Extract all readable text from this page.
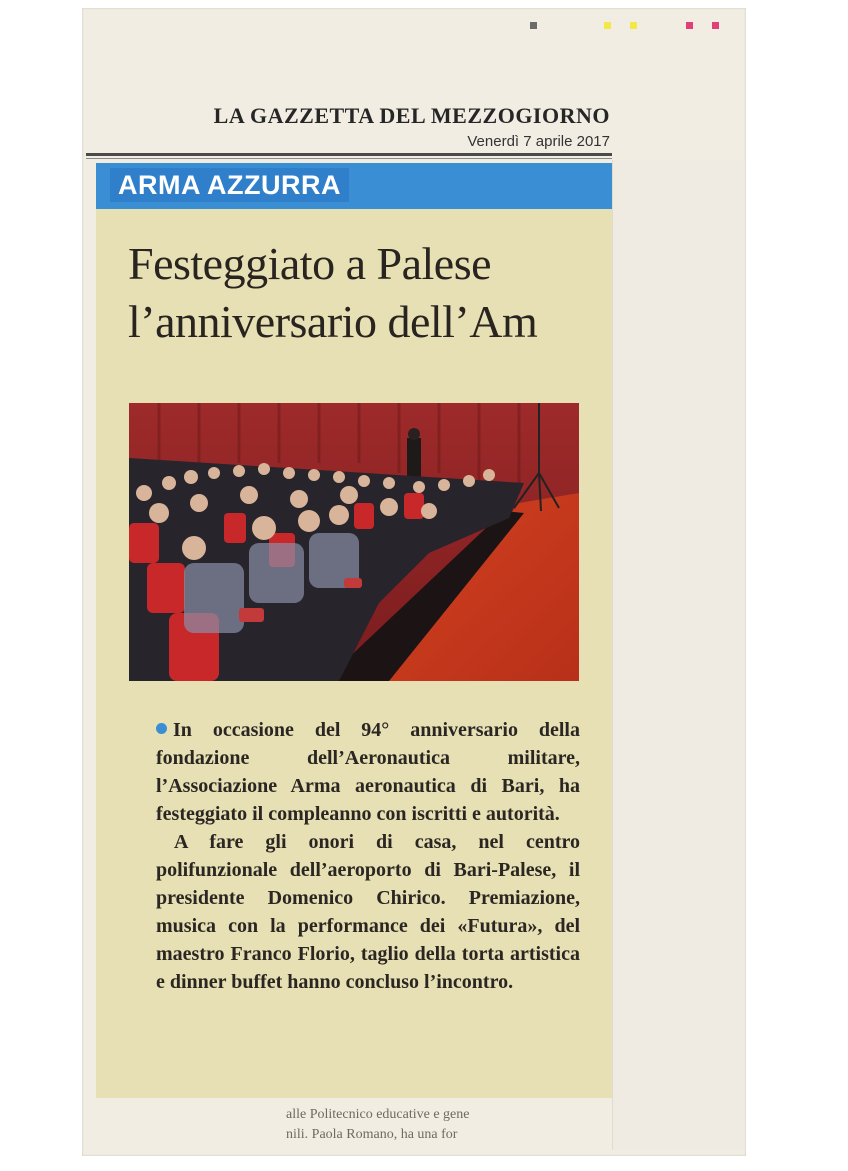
LA GAZZETTA DEL MEZZOGIORNO
Venerdì 7 aprile 2017
ARMA AZZURRA
Festeggiato a Palese
l’anniversario dell’Am

In occasione del 94° anniversario della fondazione dell’Aeronautica militare, l’Associazione Arma aeronautica di Bari, ha festeggiato il compleanno con iscritti e autorità.

A fare gli onori di casa, nel centro polifunzionale dell’aeroporto di Bari-Palese, il presidente Domenico Chirico. Premiazione, musica con la performance dei «Futura», del maestro Franco Florio, taglio della torta artistica e dinner buffet hanno concluso l’incontro.

alle Politecnico educative e gene
nili. Paola Romano, ha una for
